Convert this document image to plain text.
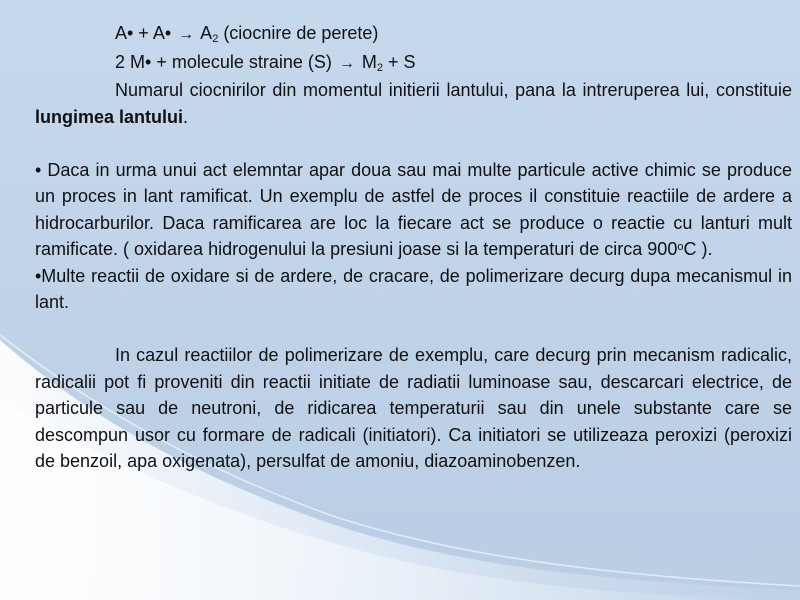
A• + A• → $A_2$ (ciocnire de perete)
2 M• + molecule straine $(S) \to M_2 + S$

Numarul ciocnirilor din momentul initierii lantului, pana la intreruperea lui, constituie lungimea lantului.

• Daca in urma unui act elemntar apar doua sau mai multe particule active chimic se produce un proces in lant ramificat. Un exemplu de astfel de proces il constituie reactiile de ardere a hidrocarburilor. Daca ramificarea are loc la fiecare act se produce o reactie cu lanturi mult ramificate. ( oxidarea hidrogenului la presiuni joase si la temperaturi de circa 900$^o$C ).

•Multe reactii de oxidare si de ardere, de cracare, de polimerizare decurg dupa mecanismul in lant.

In cazul reactiilor de polimerizare de exemplu, care decurg prin mecanism radicalic, radicalii pot fi proveniti din reactii initiate de radiatii luminoase sau, descarcari electrice, de particule sau de neutroni, de ridicarea temperaturii sau din unele substante care se descompun usor cu formare de radicali (initiatori). Ca initiatori se utilizeaza peroxizi (peroxizi de benzoil, apa oxigenata), persulfat de amoniu, diazoaminobenzen.
